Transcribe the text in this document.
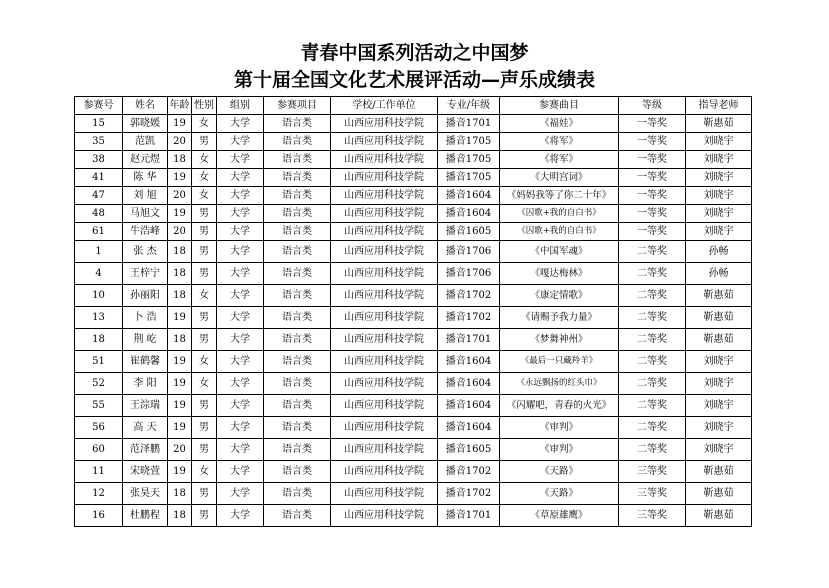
青春中国系列活动之中国梦
第十届全国文化艺术展评活动—声乐成绩表
参赛号	姓名	年龄	性别	组别	参赛项目	学校/工作单位	专业/年级	参赛曲目	等级	指导老师
15	郭晓媛	19	女	大学	语言类	山西应用科技学院	播音1701	《福娃》	一等奖	靳惠茹
35	范凯	20	男	大学	语言类	山西应用科技学院	播音1705	《将军》	一等奖	刘晓宇
38	赵元煜	18	女	大学	语言类	山西应用科技学院	播音1705	《将军》	一等奖	刘晓宇
41	陈 华	19	女	大学	语言类	山西应用科技学院	播音1705	《大明宫词》	一等奖	刘晓宇
47	刘 旭	20	女	大学	语言类	山西应用科技学院	播音1604	《妈妈我等了你二十年》	一等奖	刘晓宇
48	马旭文	19	男	大学	语言类	山西应用科技学院	播音1604	《囚歌+我的自白书》	一等奖	刘晓宇
61	牛浩峰	20	男	大学	语言类	山西应用科技学院	播音1605	《囚歌+我的自白书》	一等奖	刘晓宇
1	张 杰	18	男	大学	语言类	山西应用科技学院	播音1706	《中国军魂》	二等奖	孙畅
4	王梓宁	18	男	大学	语言类	山西应用科技学院	播音1706	《嘎达梅林》	二等奖	孙畅
10	孙丽阳	18	女	大学	语言类	山西应用科技学院	播音1702	《康定情歌》	二等奖	靳惠茹
13	卜 浩	19	男	大学	语言类	山西应用科技学院	播音1702	《请赐予我力量》	二等奖	靳惠茹
18	荆 屹	18	男	大学	语言类	山西应用科技学院	播音1701	《梦舞神州》	二等奖	靳惠茹
51	崔鹤馨	19	女	大学	语言类	山西应用科技学院	播音1604	《最后一只藏羚羊》	二等奖	刘晓宇
52	李 阳	19	女	大学	语言类	山西应用科技学院	播音1604	《永远飘扬的红头巾》	二等奖	刘晓宇
55	王淙瑞	19	男	大学	语言类	山西应用科技学院	播音1604	《闪耀吧，青春的火光》	二等奖	刘晓宇
56	高 天	19	男	大学	语言类	山西应用科技学院	播音1604	《审判》	二等奖	刘晓宇
60	范泽鹏	20	男	大学	语言类	山西应用科技学院	播音1605	《审判》	二等奖	刘晓宇
11	宋晓萱	19	女	大学	语言类	山西应用科技学院	播音1702	《天路》	三等奖	靳惠茹
12	张昊天	18	男	大学	语言类	山西应用科技学院	播音1702	《天路》	三等奖	靳惠茹
16	杜鹏程	18	男	大学	语言类	山西应用科技学院	播音1701	《草原雄鹰》	三等奖	靳惠茹
